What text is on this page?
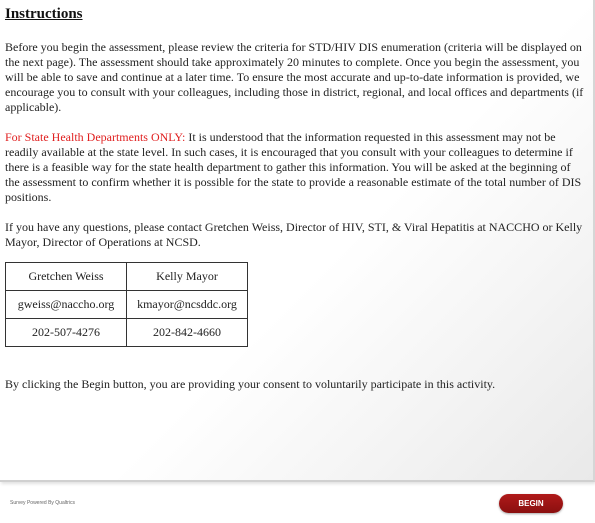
Instructions

Before you begin the assessment, please review the criteria for STD/HIV DIS enumeration (criteria will be displayed on the next page). The assessment should take approximately 20 minutes to complete. Once you begin the assessment, you will be able to save and continue at a later time. To ensure the most accurate and up-to-date information is provided, we encourage you to consult with your colleagues, including those in district, regional, and local offices and departments (if applicable).

For State Health Departments ONLY: It is understood that the information requested in this assessment may not be readily available at the state level. In such cases, it is encouraged that you consult with your colleagues to determine if there is a feasible way for the state health department to gather this information. You will be asked at the beginning of the assessment to confirm whether it is possible for the state to provide a reasonable estimate of the total number of DIS positions.

If you have any questions, please contact Gretchen Weiss, Director of HIV, STI, & Viral Hepatitis at NACCHO or Kelly Mayor, Director of Operations at NCSD.

By clicking the Begin button, you are providing your consent to voluntarily participate in this activity.

Gretchen Weiss	Kelly Mayor
gweiss@naccho.org	kmayor@ncsddc.org
202-507-4276	202-842-4660
Survey Powered By Qualtrics	BEGIN
